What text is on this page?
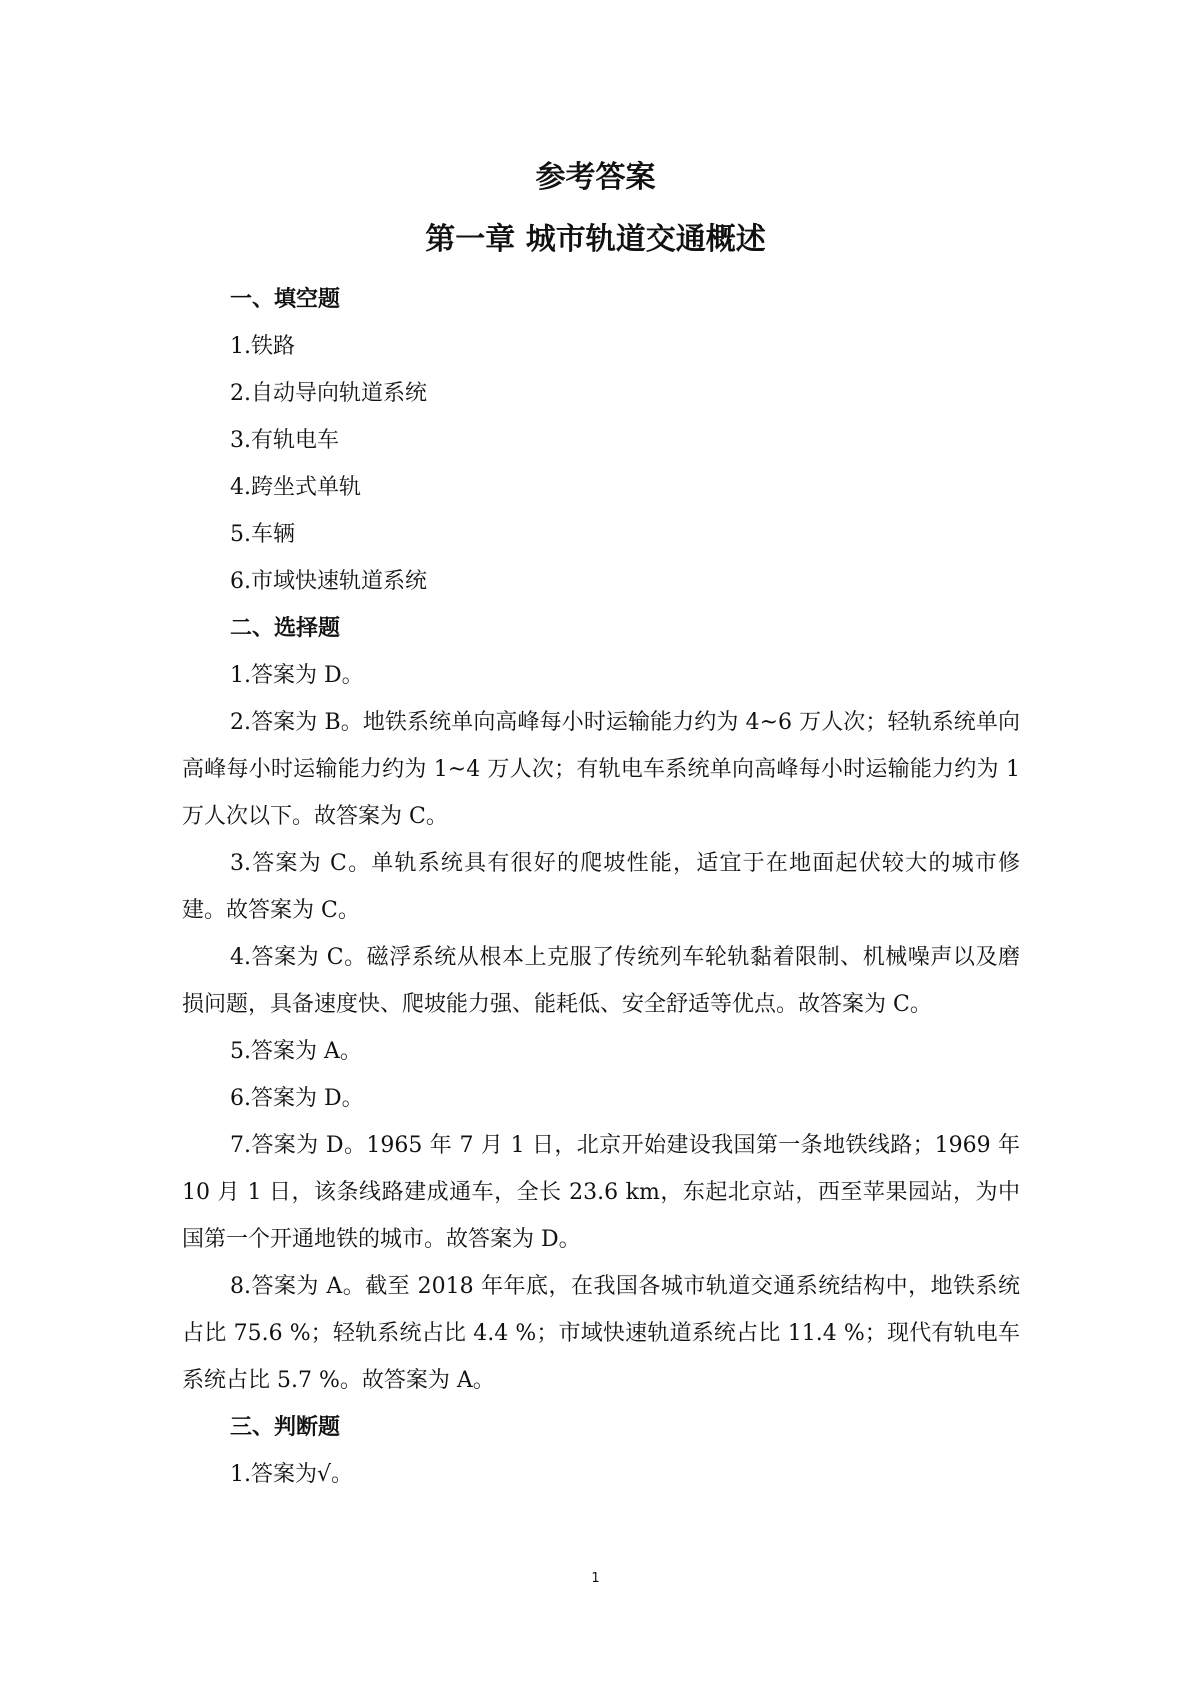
参考答案
第一章 城市轨道交通概述
一、填空题

1.铁路

2.自动导向轨道系统

3.有轨电车

4.跨坐式单轨

5.车辆

6.市域快速轨道系统

二、选择题

1.答案为 D。

2.答案为 B。地铁系统单向高峰每小时运输能力约为 4~6 万人次；轻轨系统单向高峰每小时运输能力约为 1~4 万人次；有轨电车系统单向高峰每小时运输能力约为 1 万人次以下。故答案为 C。

3.答案为 C。单轨系统具有很好的爬坡性能，适宜于在地面起伏较大的城市修建。故答案为 C。

4.答案为 C。磁浮系统从根本上克服了传统列车轮轨黏着限制、机械噪声以及磨损问题，具备速度快、爬坡能力强、能耗低、安全舒适等优点。故答案为 C。

5.答案为 A。

6.答案为 D。

7.答案为 D。1965 年 7 月 1 日，北京开始建设我国第一条地铁线路；1969 年 10 月 1 日，该条线路建成通车，全长 23.6 km，东起北京站，西至苹果园站，为中国第一个开通地铁的城市。故答案为 D。

8.答案为 A。截至 2018 年年底，在我国各城市轨道交通系统结构中，地铁系统占比 75.6 %；轻轨系统占比 4.4 %；市域快速轨道系统占比 11.4 %；现代有轨电车系统占比 5.7 %。故答案为 A。

三、判断题

1.答案为√。

1
